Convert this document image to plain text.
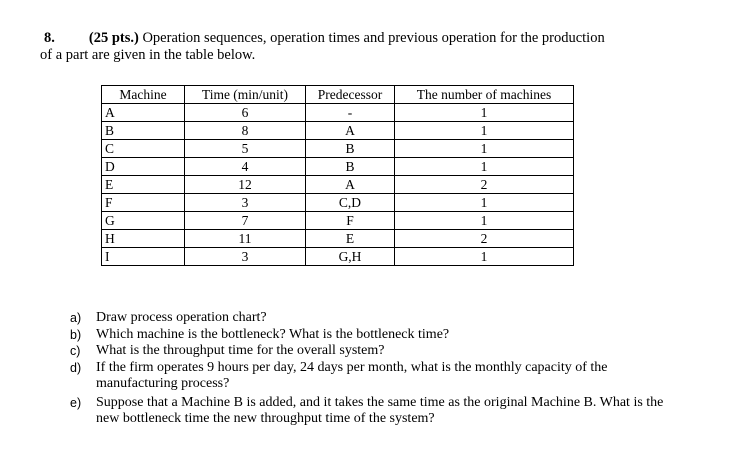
8. (25 pts.) Operation sequences, operation times and previous operation for the production
of a part are given in the table below.
Machine	Time (min/unit)	Predecessor	The number of machines
A	6	-	1
B	8	A	1
C	5	B	1
D	4	B	1
E	12	A	2
F	3	C,D	1
G	7	F	1
H	11	E	2
I	3	G,H	1
a)	Draw process operation chart?
b)	Which machine is the bottleneck? What is the bottleneck time?
c)	What is the throughput time for the overall system?
d)	If the firm operates 9 hours per day, 24 days per month, what is the monthly capacity of the manufacturing process?
e)	Suppose that a Machine B is added, and it takes the same time as the original Machine B. What is the new bottleneck time the new throughput time of the system?
